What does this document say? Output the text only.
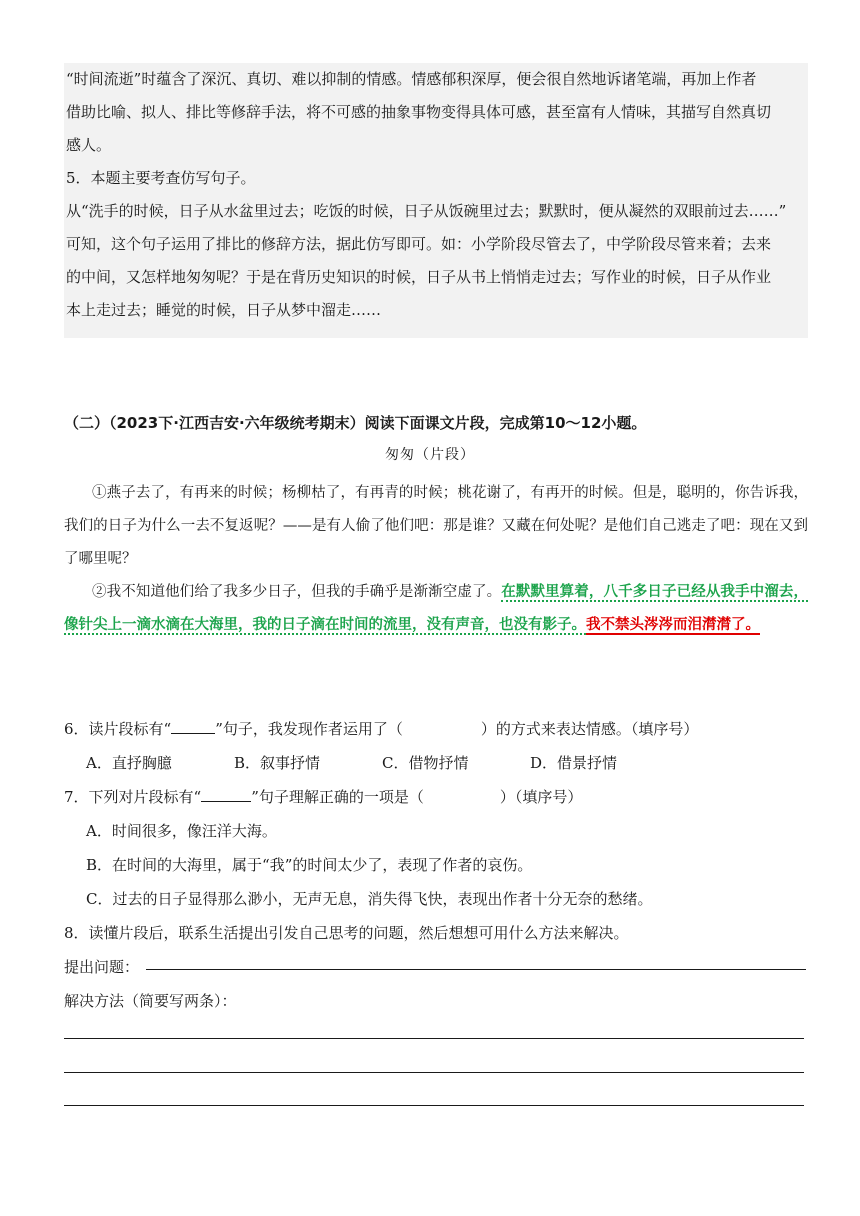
“时间流逝”时蕴含了深沉、真切、难以抑制的情感。情感郁积深厚，便会很自然地诉诸笔端，再加上作者

借助比喻、拟人、排比等修辞手法，将不可感的抽象事物变得具体可感，甚至富有人情味，其描写自然真切

感人。

5．本题主要考查仿写句子。

从“洗手的时候，日子从水盆里过去；吃饭的时候，日子从饭碗里过去；默默时，便从凝然的双眼前过去……”

可知，这个句子运用了排比的修辞方法，据此仿写即可。如：小学阶段尽管去了，中学阶段尽管来着；去来

的中间，又怎样地匆匆呢？于是在背历史知识的时候，日子从书上悄悄走过去；写作业的时候，日子从作业

本上走过去；睡觉的时候，日子从梦中溜走……

（二）（2023下·江西吉安·六年级统考期末）阅读下面课文片段，完成第10～12小题。

匆匆（片段）

①燕子去了，有再来的时候；杨柳枯了，有再青的时候；桃花谢了，有再开的时候。但是，聪明的，你告诉我，我们的日子为什么一去不复返呢？——是有人偷了他们吧：那是谁？又藏在何处呢？是他们自己逃走了吧：现在又到了哪里呢？

②我不知道他们给了我多少日子，但我的手确乎是渐渐空虚了。在默默里算着，八千多日子已经从我手中溜去，像针尖上一滴水滴在大海里，我的日子滴在时间的流里，没有声音，也没有影子。我不禁头涔涔而泪潸潸了。

6．读片段标有“	”句子，我发现作者运用了（	）的方式来表达情感。（填序号）

A．直抒胸臆	B．叙事抒情	C．借物抒情	D．借景抒情

7．下列对片段标有“	”句子理解正确的一项是（	）（填序号）

A．时间很多，像汪洋大海。

B．在时间的大海里，属于“我”的时间太少了，表现了作者的哀伤。

C．过去的日子显得那么渺小，无声无息，消失得飞快，表现出作者十分无奈的愁绪。

8．读懂片段后，联系生活提出引发自己思考的问题，然后想想可用什么方法来解决。

提出问题：

解决方法（简要写两条）：
